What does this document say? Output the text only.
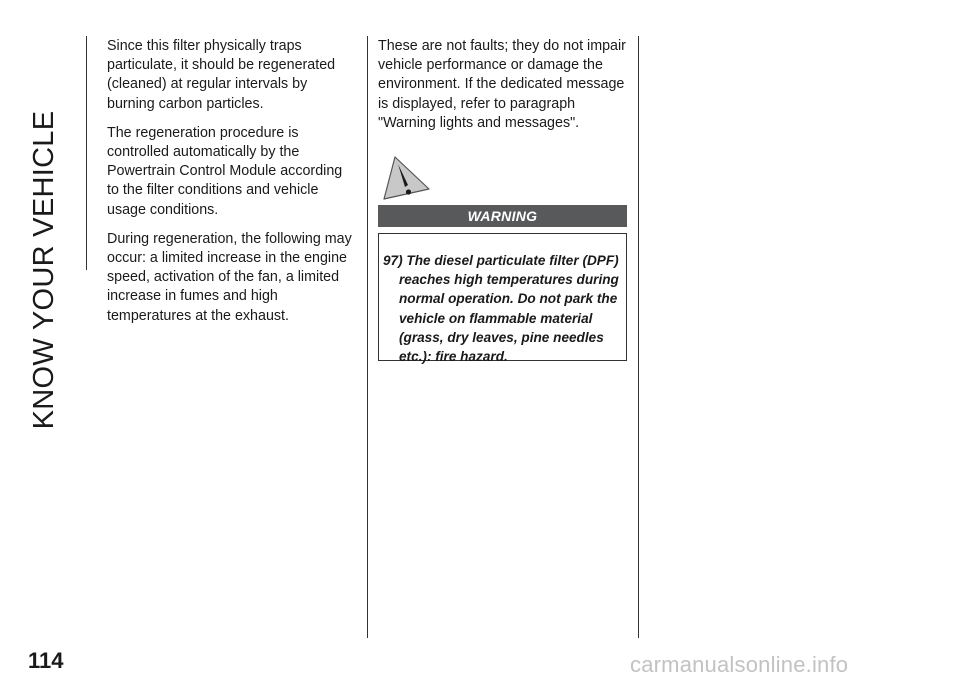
KNOW YOUR VEHICLE

Since this filter physically traps particulate, it should be regenerated (cleaned) at regular intervals by burning carbon particles.

The regeneration procedure is controlled automatically by the Powertrain Control Module according to the filter conditions and vehicle usage conditions.

During regeneration, the following may occur: a limited increase in the engine speed, activation of the fan, a limited increase in fumes and high temperatures at the exhaust.

These are not faults; they do not impair vehicle performance or damage the environment. If the dedicated message is displayed, refer to paragraph "Warning lights and messages".

WARNING
97) The diesel particulate filter (DPF) reaches high temperatures during normal operation. Do not park the vehicle on flammable material (grass, dry leaves, pine needles etc.): fire hazard.
114	carmanualsonline.info
